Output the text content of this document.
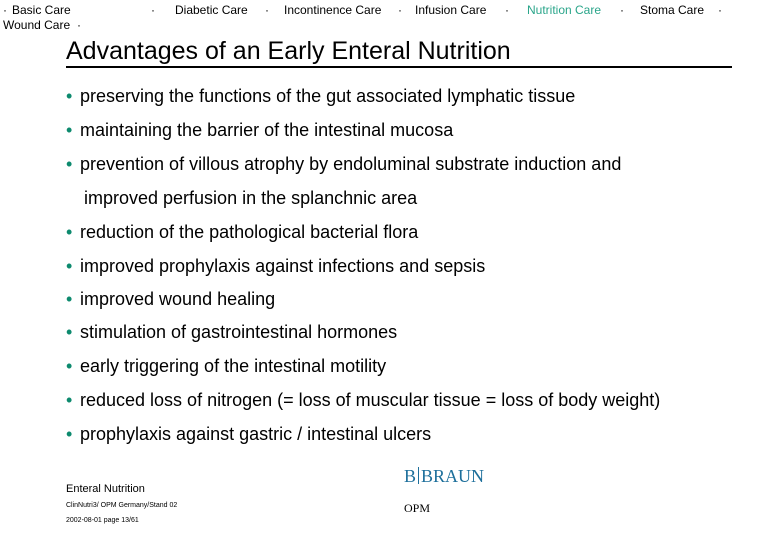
· Basic Care	· Diabetic Care · Incontinence Care · Infusion Care · Nutrition Care · Stoma Care ·
Wound Care ·
Advantages of an Early Enteral Nutrition
• preserving the functions of the gut associated lymphatic tissue
• maintaining the barrier of the intestinal mucosa
• prevention of villous atrophy by endoluminal substrate induction and
improved perfusion in the splanchnic area
• reduction of the pathological bacterial flora
• improved prophylaxis against infections and sepsis
• improved wound healing
• stimulation of gastrointestinal hormones
• early triggering of the intestinal motility
• reduced loss of nitrogen (= loss of muscular tissue = loss of body weight)
• prophylaxis against gastric / intestinal ulcers
Enteral Nutrition
ClinNutri3/ OPM Germany/Stand 02
2002-08-01 page 13/61
B BRAUN
OPM
